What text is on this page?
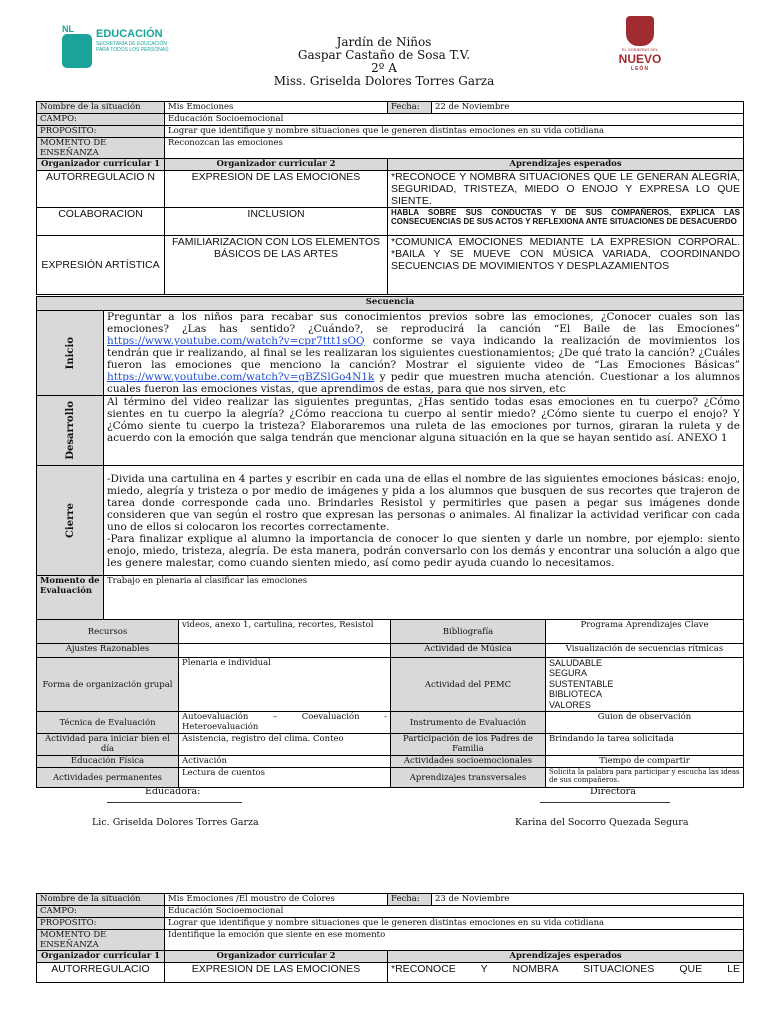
NL EDUCACIÓN
SECRETARÍA DE EDUCACIÓN PARA TODOS LOS PERSONAS	EL GOBIERNO DEL
NUEVO
LEÓN
Jardín de Niños
Gaspar Castaño de Sosa T.V.
2º A
Miss. Griselda Dolores Torres Garza
Nombre de la situación	Mis Emociones	Fecha:	22 de Noviembre
CAMPO:	Educación Socioemocional		
PROPOSITO:	Lograr que identifique y nombre situaciones que le generen distintas emociones en su vida cotidiana		
MOMENTO DE ENSEÑANZA	Reconozcan las emociones		
Organizador curricular 1	Organizador curricular 2	Aprendizajes esperados	
AUTORREGULACIO N	EXPRESION DE LAS EMOCIONES	*RECONOCE Y NOMBRA SITUACIONES QUE LE GENERAN ALEGRÍA, SEGURIDAD, TRISTEZA, MIEDO O ENOJO Y EXPRESA LO QUE SIENTE.	
COLABORACION	INCLUSION	HABLA SOBRE SUS CONDUCTAS Y DE SUS COMPAÑEROS, EXPLICA LAS CONSECUENCIAS DE SUS ACTOS Y REFLEXIONA ANTE SITUACIONES DE DESACUERDO	
EXPRESIÓN ARTÍSTICA	FAMILIARIZACION CON LOS ELEMENTOS BÁSICOS DE LAS ARTES	*COMUNICA EMOCIONES MEDIANTE LA EXPRESION CORPORAL. *BAILA Y SE MUEVE CON MÚSICA VARIADA, COORDINANDO SECUENCIAS DE MOVIMIENTOS Y DESPLAZAMIENTOS	
Secuencia	

Inicio	Preguntar a los niños para recabar sus conocimientos previos sobre las emociones, ¿Conocer cuales son las emociones? ¿Las has sentido? ¿Cuándo?, se reproducirá la canción “El Baile de las Emociones” https://www.youtube.com/watch?v=cpr7ttt1sOQ conforme se vaya indicando la realización de movimientos los tendrán que ir realizando, al final se les realizaran los siguientes cuestionamientos; ¿De qué trato la canción? ¿Cuáles fueron las emociones que menciono la canción? Mostrar el siguiente video de “Las Emociones Básicas” https://www.youtube.com/watch?v=gBZSlGo4N1k y pedir que muestren mucha atención. Cuestionar a los alumnos cuales fueron las emociones vistas, que aprendimos de estas, para que nos sirven, etc

Desarrollo	Al término del video realizar las siguientes preguntas, ¿Has sentido todas esas emociones en tu cuerpo? ¿Cómo sientes en tu cuerpo la alegría? ¿Cómo reacciona tu cuerpo al sentir miedo? ¿Cómo siente tu cuerpo el enojo? Y ¿Cómo siente tu cuerpo la tristeza? Elaboraremos una ruleta de las emociones por turnos, giraran la ruleta y de acuerdo con la emoción que salga tendrán que mencionar alguna situación en la que se hayan sentido así. ANEXO 1

Cierre	-Divida una cartulina en 4 partes y escribir en cada una de ellas el nombre de las siguientes emociones básicas: enojo, miedo, alegría y tristeza o por medio de imágenes y pida a los alumnos que busquen de sus recortes que trajeron de tarea donde corresponde cada uno. Brindarles Resistol y permitirles que pasen a pegar sus imágenes donde consideren que van según el rostro que expresan las personas o animales. Al finalizar la actividad verificar con cada uno de ellos si colocaron los recortes correctamente.
-Para finalizar explique al alumno la importancia de conocer lo que sienten y darle un nombre, por ejemplo: siento enojo, miedo, tristeza, alegría. De esta manera, podrán conversarlo con los demás y encontrar una solución a algo que les genere malestar, como cuando sienten miedo, así como pedir ayuda cuando lo necesitamos.

Momento de Evaluación	Trabajo en plenaria al clasificar las emociones
Recursos	videos, anexo 1, cartulina, recortes, Resistol	Bibliografía	Programa Aprendizajes Clave
Ajustes Razonables		Actividad de Música	Visualización de secuencias rítmicas
Forma de organización grupal	Plenaria e individual	Actividad del PEMC	SALUDABLE
SEGURA
SUSTENTABLE
BIBLIOTECA
VALORES

Técnica de Evaluación	Autoevaluación – Coevaluación - Heteroevaluación	Instrumento de Evaluación	Guion de observación
Actividad para iniciar bien el día	Asistencia, registro del clima. Conteo	Participación de los Padres de Familia	Brindando la tarea solicitada
Educación Física	Activación	Actividades socioemocionales	Tiempo de compartir
Actividades permanentes	Lectura de cuentos	Aprendizajes transversales	Solicita la palabra para participar y escucha las ideas de sus compañeros.
Educadora:	Directora
Lic. Griselda Dolores Torres Garza	Karina del Socorro Quezada Segura
Nombre de la situación	Mis Emociones /El moustro de Colores	Fecha:	23 de Noviembre
CAMPO:	Educación Socioemocional		
PROPOSITO:	Lograr que identifique y nombre situaciones que le generen distintas emociones en su vida cotidiana		
MOMENTO DE ENSEÑANZA	Identifique la emoción que siente en ese momento		
Organizador curricular 1	Organizador curricular 2	Aprendizajes esperados	
AUTORREGULACIO	EXPRESION DE LAS EMOCIONES	*RECONOCE Y NOMBRA SITUACIONES QUE LE	
